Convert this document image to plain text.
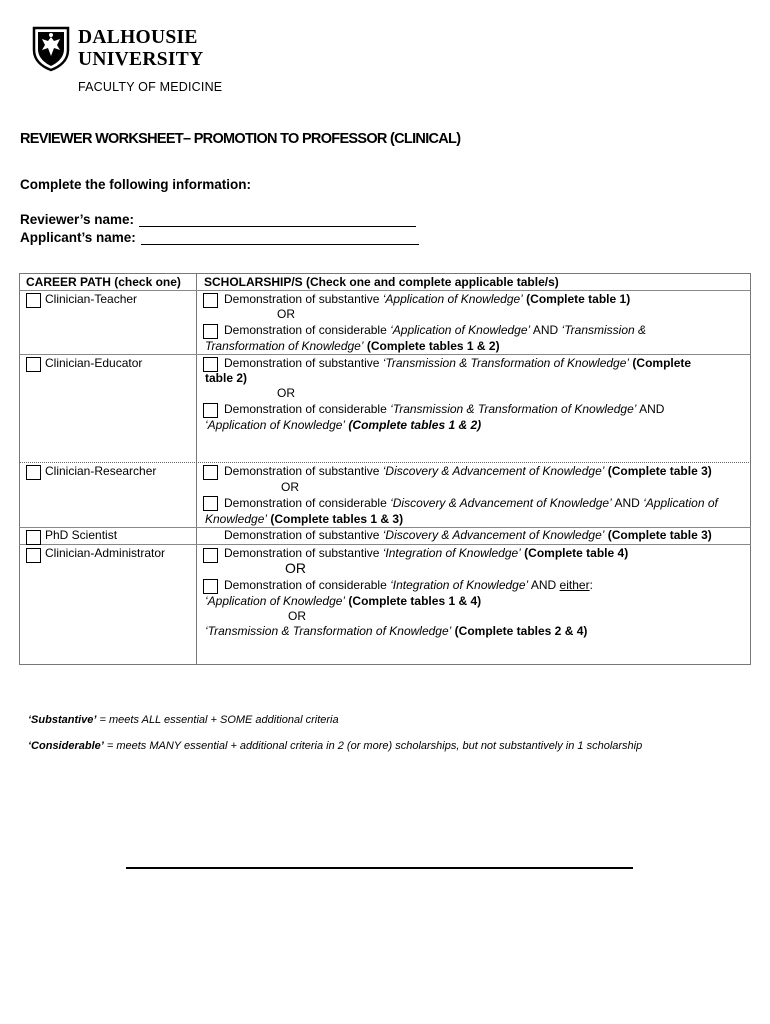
DALHOUSIE
UNIVERSITY
FACULTY OF MEDICINE
REVIEWER WORKSHEET– PROMOTION TO PROFESSOR (CLINICAL)
Complete the following information:
Reviewer’s name:
Applicant’s name:
CAREER PATH (check one) SCHOLARSHIP/S (Check one and complete applicable table/s)
Clinician-Teacher
Clinician-Educator
Clinician-Researcher
PhD Scientist
Clinician-Administrator
Demonstration of substantive ‘Application of Knowledge’ (Complete table 1)
OR
Demonstration of considerable ‘Application of Knowledge’ AND ‘Transmission &
Transformation of Knowledge’ (Complete tables 1 & 2)
Demonstration of substantive ‘Transmission & Transformation of Knowledge’ (Complete
table 2)
OR
Demonstration of considerable ‘Transmission & Transformation of Knowledge’ AND
‘Application of Knowledge’ (Complete tables 1 & 2)
Demonstration of substantive ‘Discovery & Advancement of Knowledge’ (Complete table 3)
OR
Demonstration of considerable ‘Discovery & Advancement of Knowledge’ AND ‘Application of
Knowledge’ (Complete tables 1 & 3)
Demonstration of substantive ‘Discovery & Advancement of Knowledge’ (Complete table 3)
Demonstration of substantive ‘Integration of Knowledge’ (Complete table 4)
OR
Demonstration of considerable ‘Integration of Knowledge’ AND either:
‘Application of Knowledge’ (Complete tables 1 & 4)
OR
‘Transmission & Transformation of Knowledge’ (Complete tables 2 & 4)
‘Substantive’ = meets ALL essential + SOME additional criteria
‘Considerable’ = meets MANY essential + additional criteria in 2 (or more) scholarships, but not substantively in 1 scholarship
